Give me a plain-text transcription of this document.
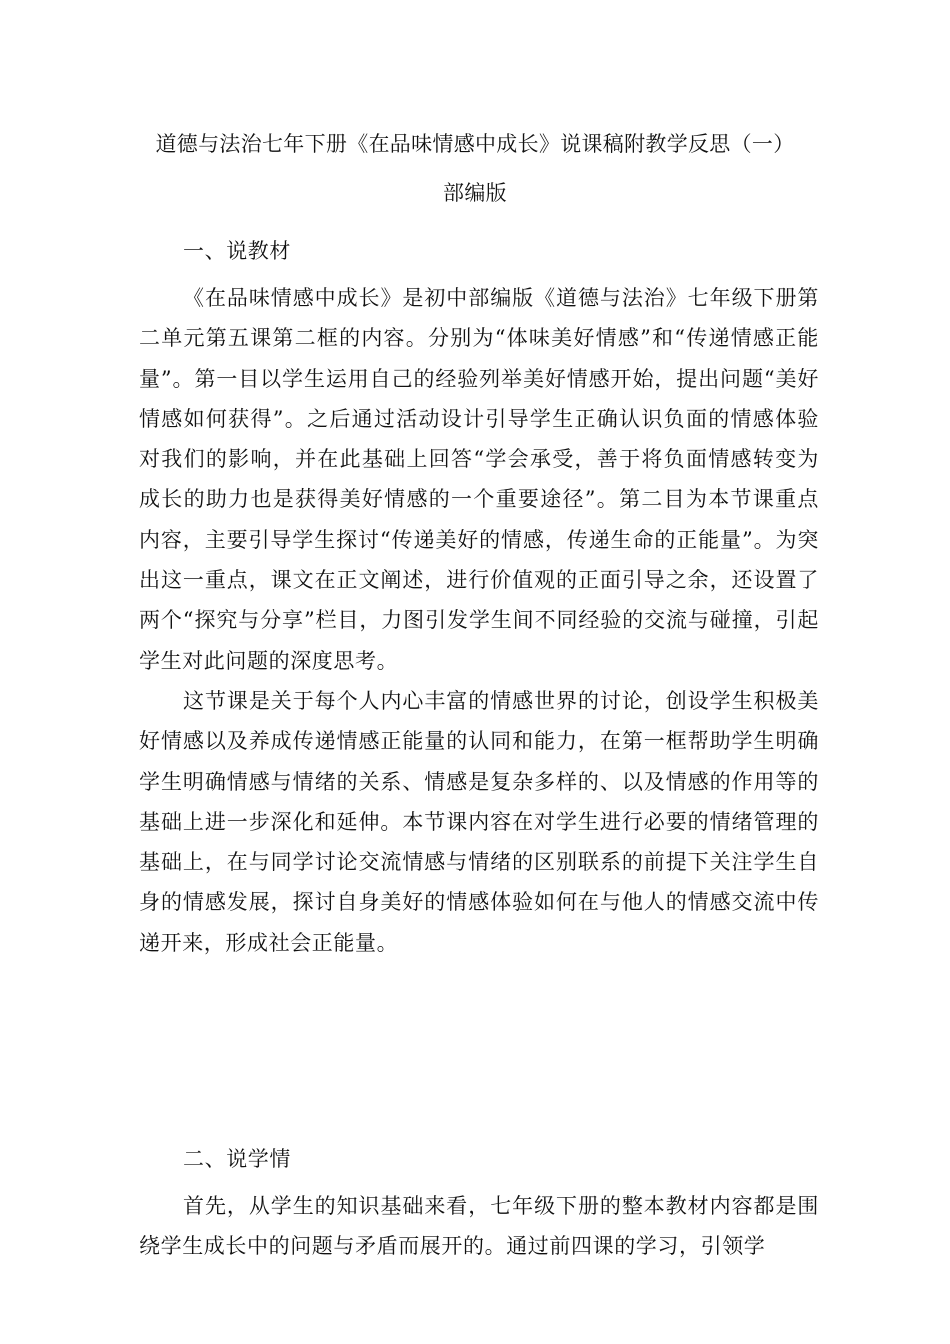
道德与法治七年下册《在品味情感中成长》说课稿附教学反思（一）
部编版
一、说教材

《在品味情感中成长》是初中部编版《道德与法治》七年级下册第二单元第五课第二框的内容。分别为“体味美好情感”和“传递情感正能量”。第一目以学生运用自己的经验列举美好情感开始，提出问题“美好情感如何获得”。之后通过活动设计引导学生正确认识负面的情感体验对我们的影响，并在此基础上回答“学会承受，善于将负面情感转变为成长的助力也是获得美好情感的一个重要途径”。第二目为本节课重点内容，主要引导学生探讨“传递美好的情感，传递生命的正能量”。为突出这一重点，课文在正文阐述，进行价值观的正面引导之余，还设置了两个“探究与分享”栏目，力图引发学生间不同经验的交流与碰撞，引起学生对此问题的深度思考。

这节课是关于每个人内心丰富的情感世界的讨论，创设学生积极美好情感以及养成传递情感正能量的认同和能力，在第一框帮助学生明确学生明确情感与情绪的关系、情感是复杂多样的、以及情感的作用等的基础上进一步深化和延伸。本节课内容在对学生进行必要的情绪管理的基础上，在与同学讨论交流情感与情绪的区别联系的前提下关注学生自身的情感发展，探讨自身美好的情感体验如何在与他人的情感交流中传递开来，形成社会正能量。

二、说学情

首先，从学生的知识基础来看，七年级下册的整本教材内容都是围绕学生成长中的问题与矛盾而展开的。通过前四课的学习，引领学
